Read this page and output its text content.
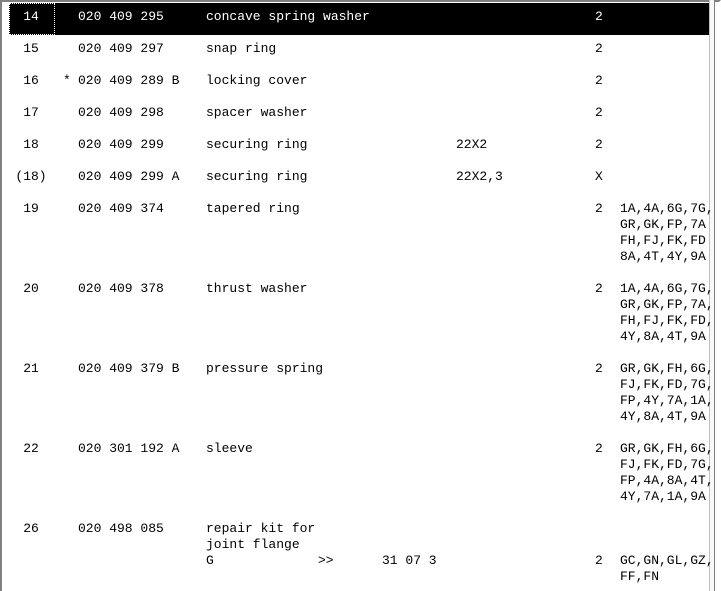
14	020 409 295	concave spring washer	2
15	020 409 297	snap ring	2
16	* 020 409 289 B locking cover	2
17	020 409 298	spacer washer	2
18	020 409 299	securing ring	22X2	2
(18)	020 409 299 A securing ring	22X2,3	X
19	020 409 374	tapered ring	2 1A,4A,6G,7G,
GR,GK,FP,7A
FH,FJ,FK,FD
8A,4T,4Y,9A
20	020 409 378	thrust washer	2 1A,4A,6G,7G,
GR,GK,FP,7A,
FH,FJ,FK,FD,
4Y,8A,4T,9A
21	020 409 379 B pressure spring	2 GR,GK,FH,6G,
FJ,FK,FD,7G,
FP,4Y,7A,1A,
4Y,8A,4T,9A
22	020 301 192 A sleeve	2 GR,GK,FH,6G,
FJ,FK,FD,7G,
FP,4A,8A,4T,
4Y,7A,1A,9A
26	020 498 085	repair kit for
joint flange
G	>>	31 07 3	2 GC,GN,GL,GZ,
FF,FN
